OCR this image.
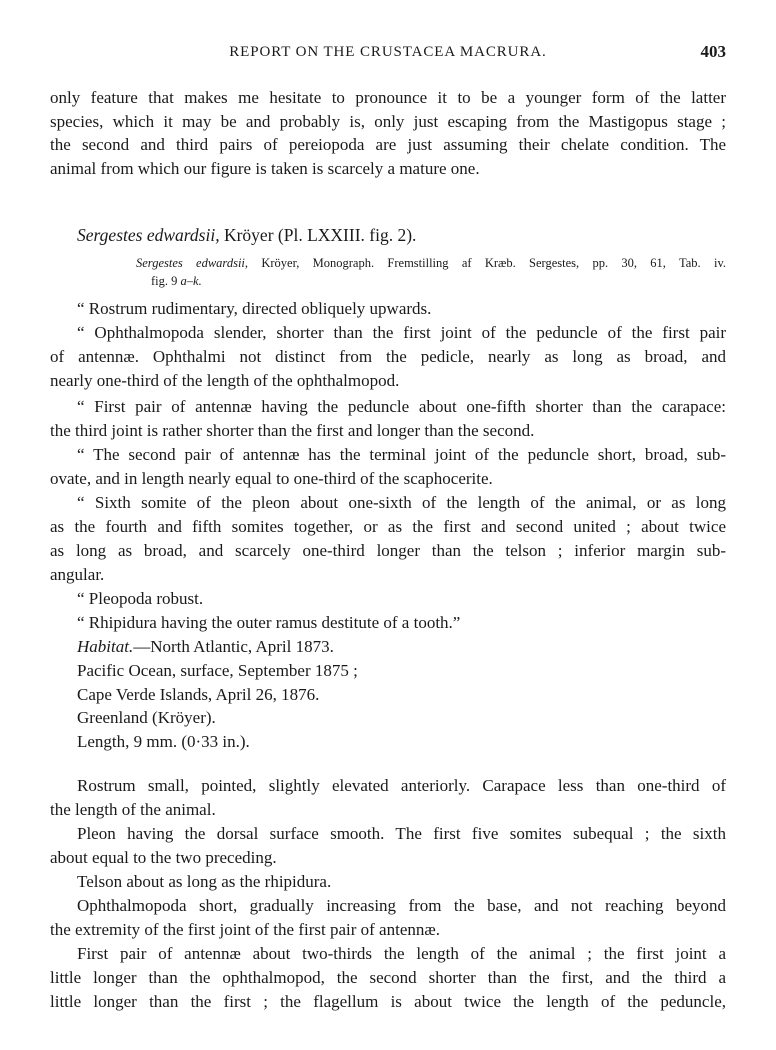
REPORT ON THE CRUSTACEA MACRURA.	403
only feature that makes me hesitate to pronounce it to be a younger form of the latter
species, which it may be and probably is, only just escaping from the Mastigopus stage ;
the second and third pairs of pereiopoda are just assuming their chelate condition. The
animal from which our figure is taken is scarcely a mature one.
Sergestes edwardsii, Kröyer (Pl. LXXIII. fig. 2).
Sergestes edwardsii, Kröyer, Monograph. Fremstilling af Kræb. Sergestes, pp. 30, 61, Tab. iv.
fig. 9 a–k.
“ Rostrum rudimentary, directed obliquely upwards.
“ Ophthalmopoda slender, shorter than the first joint of the peduncle of the first pair
of antennæ. Ophthalmi not distinct from the pedicle, nearly as long as broad, and
nearly one-third of the length of the ophthalmopod.
“ First pair of antennæ having the peduncle about one-fifth shorter than the carapace:
the third joint is rather shorter than the first and longer than the second.
“ The second pair of antennæ has the terminal joint of the peduncle short, broad, sub-
ovate, and in length nearly equal to one-third of the scaphocerite.
“ Sixth somite of the pleon about one-sixth of the length of the animal, or as long
as the fourth and fifth somites together, or as the first and second united ; about twice
as long as broad, and scarcely one-third longer than the telson ; inferior margin sub-
angular.
“ Pleopoda robust.
“ Rhipidura having the outer ramus destitute of a tooth.”
Habitat.—North Atlantic, April 1873.
Pacific Ocean, surface, September 1875 ;
Cape Verde Islands, April 26, 1876.
Greenland (Kröyer).
Length, 9 mm. (0·33 in.).
Rostrum small, pointed, slightly elevated anteriorly. Carapace less than one-third of
the length of the animal.
Pleon having the dorsal surface smooth. The first five somites subequal ; the sixth
about equal to the two preceding.
Telson about as long as the rhipidura.
Ophthalmopoda short, gradually increasing from the base, and not reaching beyond
the extremity of the first joint of the first pair of antennæ.
First pair of antennæ about two-thirds the length of the animal ; the first joint a
little longer than the ophthalmopod, the second shorter than the first, and the third a
little longer than the first ; the flagellum is about twice the length of the peduncle,
